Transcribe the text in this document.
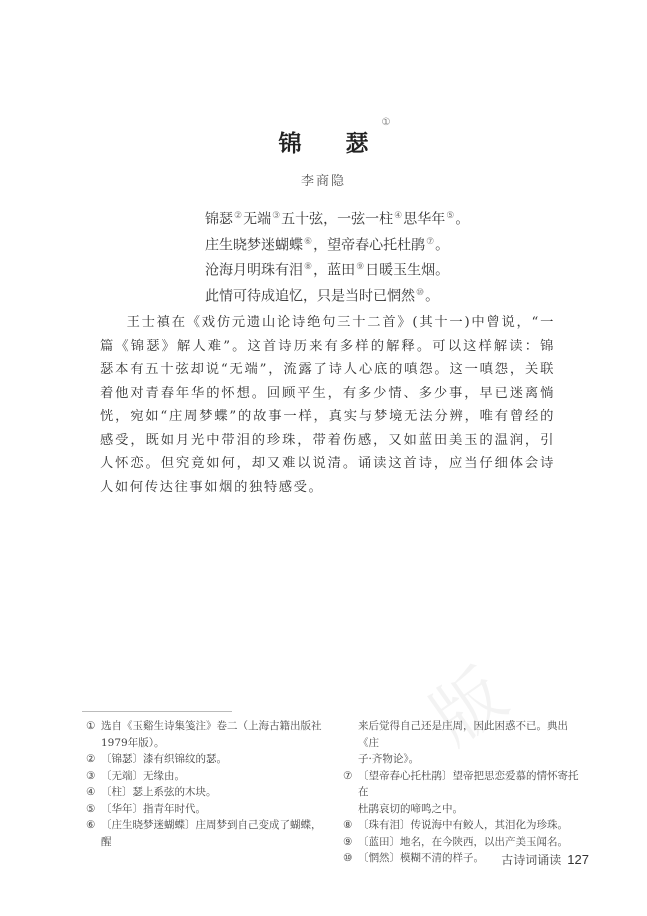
锦 瑟
①
李商隐
锦瑟②无端③五十弦，一弦一柱④思华年⑤。
庄生晓梦迷蝴蝶⑥，望帝春心托杜鹃⑦。
沧海月明珠有泪⑧，蓝田⑨日暖玉生烟。
此情可待成追忆，只是当时已惘然⑩。
王士禛在《戏仿元遗山论诗绝句三十二首》(其十一)中曾说，“一篇《锦瑟》解人难”。这首诗历来有多样的解释。可以这样解读：锦瑟本有五十弦却说“无端”，流露了诗人心底的嗔怨。这一嗔怨，关联着他对青春年华的怀想。回顾平生，有多少情、多少事，早已迷离惝恍，宛如“庄周梦蝶”的故事一样，真实与梦境无法分辨，唯有曾经的感受，既如月光中带泪的珍珠，带着伤感，又如蓝田美玉的温润，引人怀恋。但究竟如何，却又难以说清。诵读这首诗，应当仔细体会诗人如何传达往事如烟的独特感受。
① 选自《玉谿生诗集笺注》卷二（上海古籍出版社
1979年版）。
② 〔锦瑟〕漆有织锦纹的瑟。
③ 〔无端〕无缘由。
④ 〔柱〕瑟上系弦的木块。
⑤ 〔华年〕指青年时代。
⑥ 〔庄生晓梦迷蝴蝶〕庄周梦到自己变成了蝴蝶，醒
来后觉得自己还是庄周，因此困惑不已。典出《庄
子·齐物论》。
⑦ 〔望帝春心托杜鹃〕望帝把思恋爱慕的情怀寄托在
杜鹃哀切的啼鸣之中。
⑧ 〔珠有泪〕传说海中有鲛人，其泪化为珍珠。
⑨ 〔蓝田〕地名，在今陕西，以出产美玉闻名。
⑩ 〔惘然〕模糊不清的样子。	古诗词诵读 127
